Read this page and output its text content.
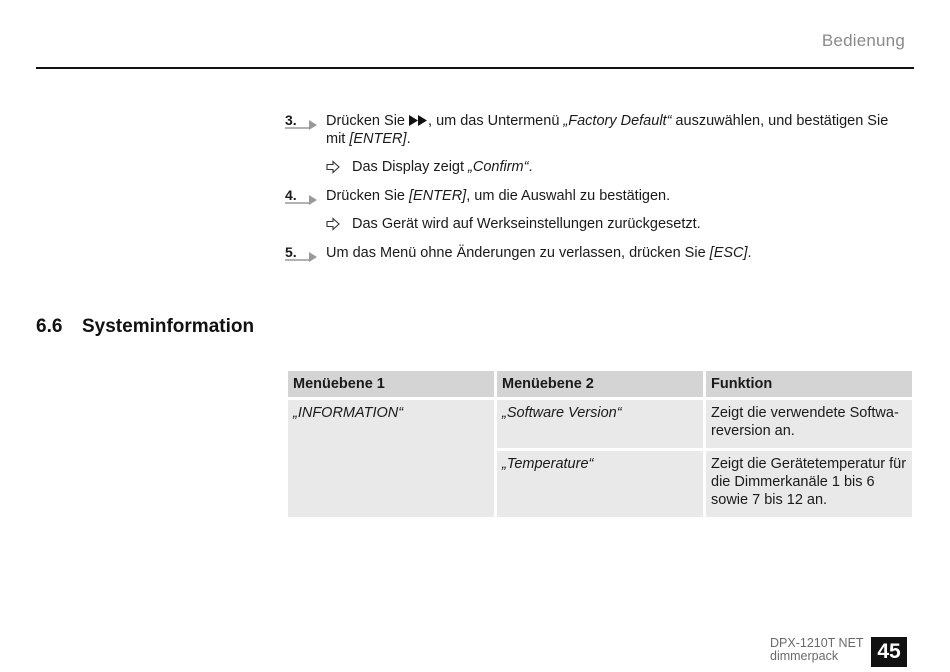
Bedienung
3. Drücken Sie , um das Untermenü „Factory Default“ auszuwählen, und bestätigen Sie mit [ENTER].
Das Display zeigt „Confirm“.
4. Drücken Sie [ENTER], um die Auswahl zu bestätigen.
Das Gerät wird auf Werkseinstellungen zurückgesetzt.
5. Um das Menü ohne Änderungen zu verlassen, drücken Sie [ESC].
6.6 Systeminformation
Menüebene 1	Menüebene 2	Funktion
„INFORMATION“	„Software Version“	Zeigt die verwendete Softwareversion an.
	„Temperature“	Zeigt die Gerätetemperatur für die Dimmerkanäle 1 bis 6 sowie 7 bis 12 an.
DPX-1210T NET
dimmerpack	45
